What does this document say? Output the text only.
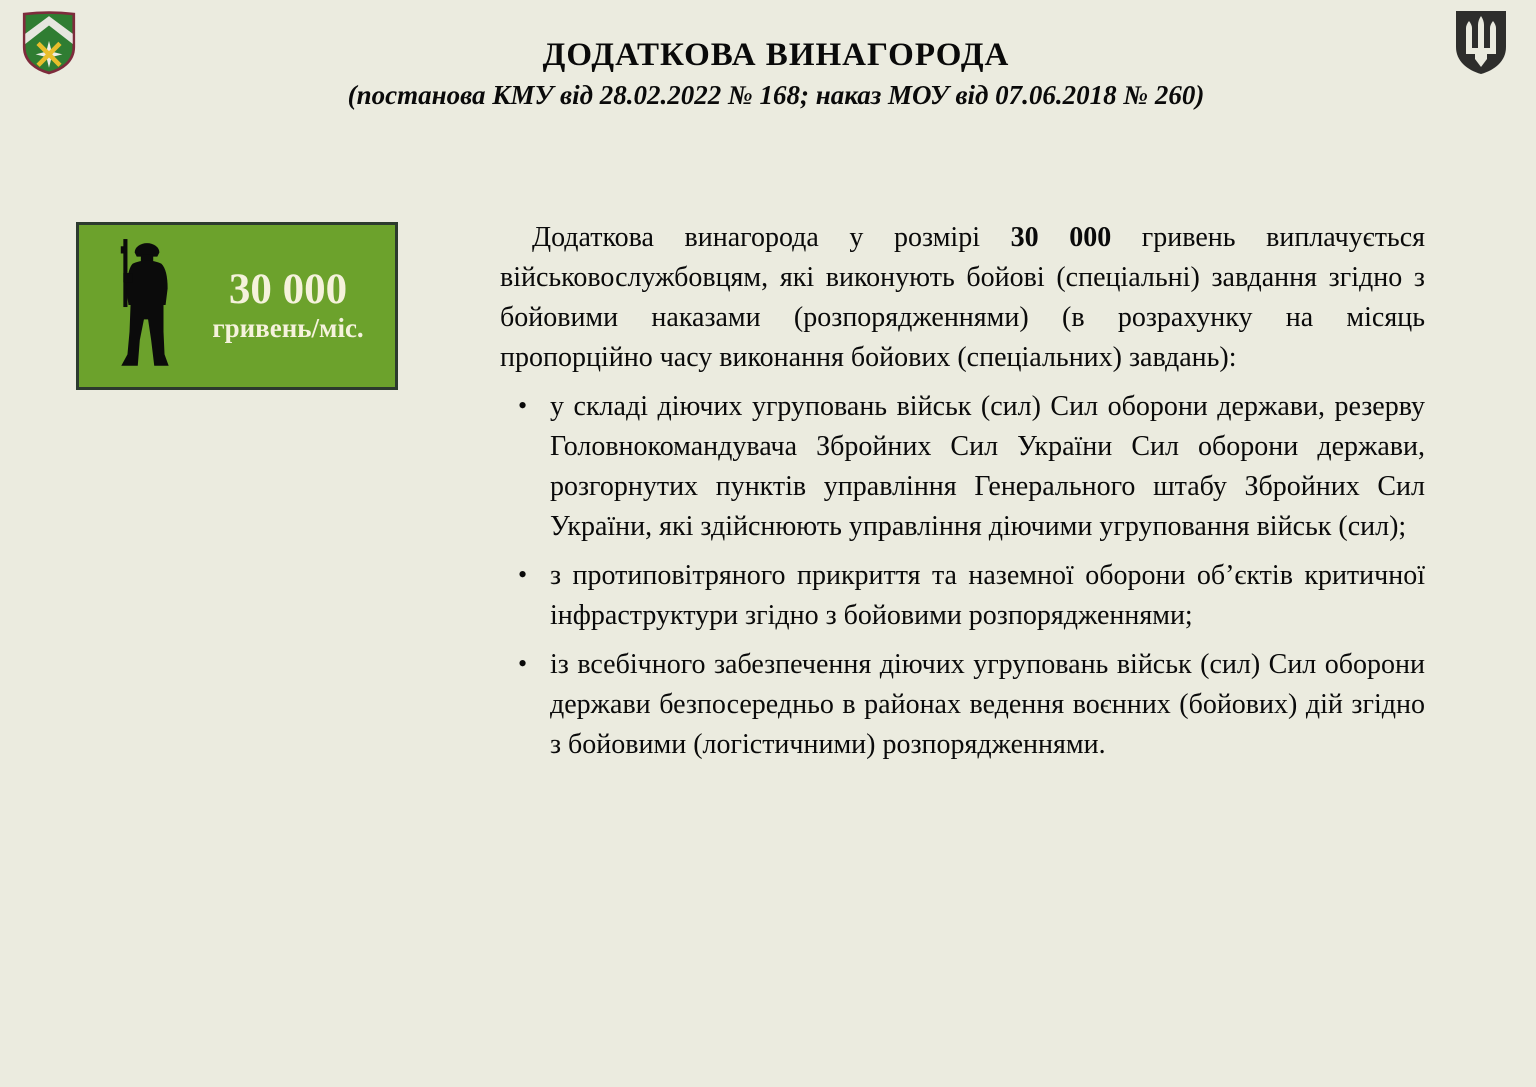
ДОДАТКОВА ВИНАГОРОДА
(постанова КМУ від 28.02.2022 № 168; наказ МОУ від 07.06.2018 № 260)
30 000
гривень/міс.

Додаткова винагорода у розмірі 30 000 гривень виплачується військовослужбовцям, які виконують бойові (спеціальні) завдання згідно з бойовими наказами (розпорядженнями) (в розрахунку на місяць пропорційно часу виконання бойових (спеціальних) завдань):

• у складі діючих угруповань військ (сил) Сил оборони держави, резерву Головнокомандувача Збройних Сил України Сил оборони держави, розгорнутих пунктів управління Генерального штабу Збройних Сил України, які здійснюють управління діючими угруповання військ (сил);
• з протиповітряного прикриття та наземної оборони об’єктів критичної інфраструктури згідно з бойовими розпорядженнями;
• із всебічного забезпечення діючих угруповань військ (сил) Сил оборони держави безпосередньо в районах ведення воєнних (бойових) дій згідно з бойовими (логістичними) розпорядженнями.
